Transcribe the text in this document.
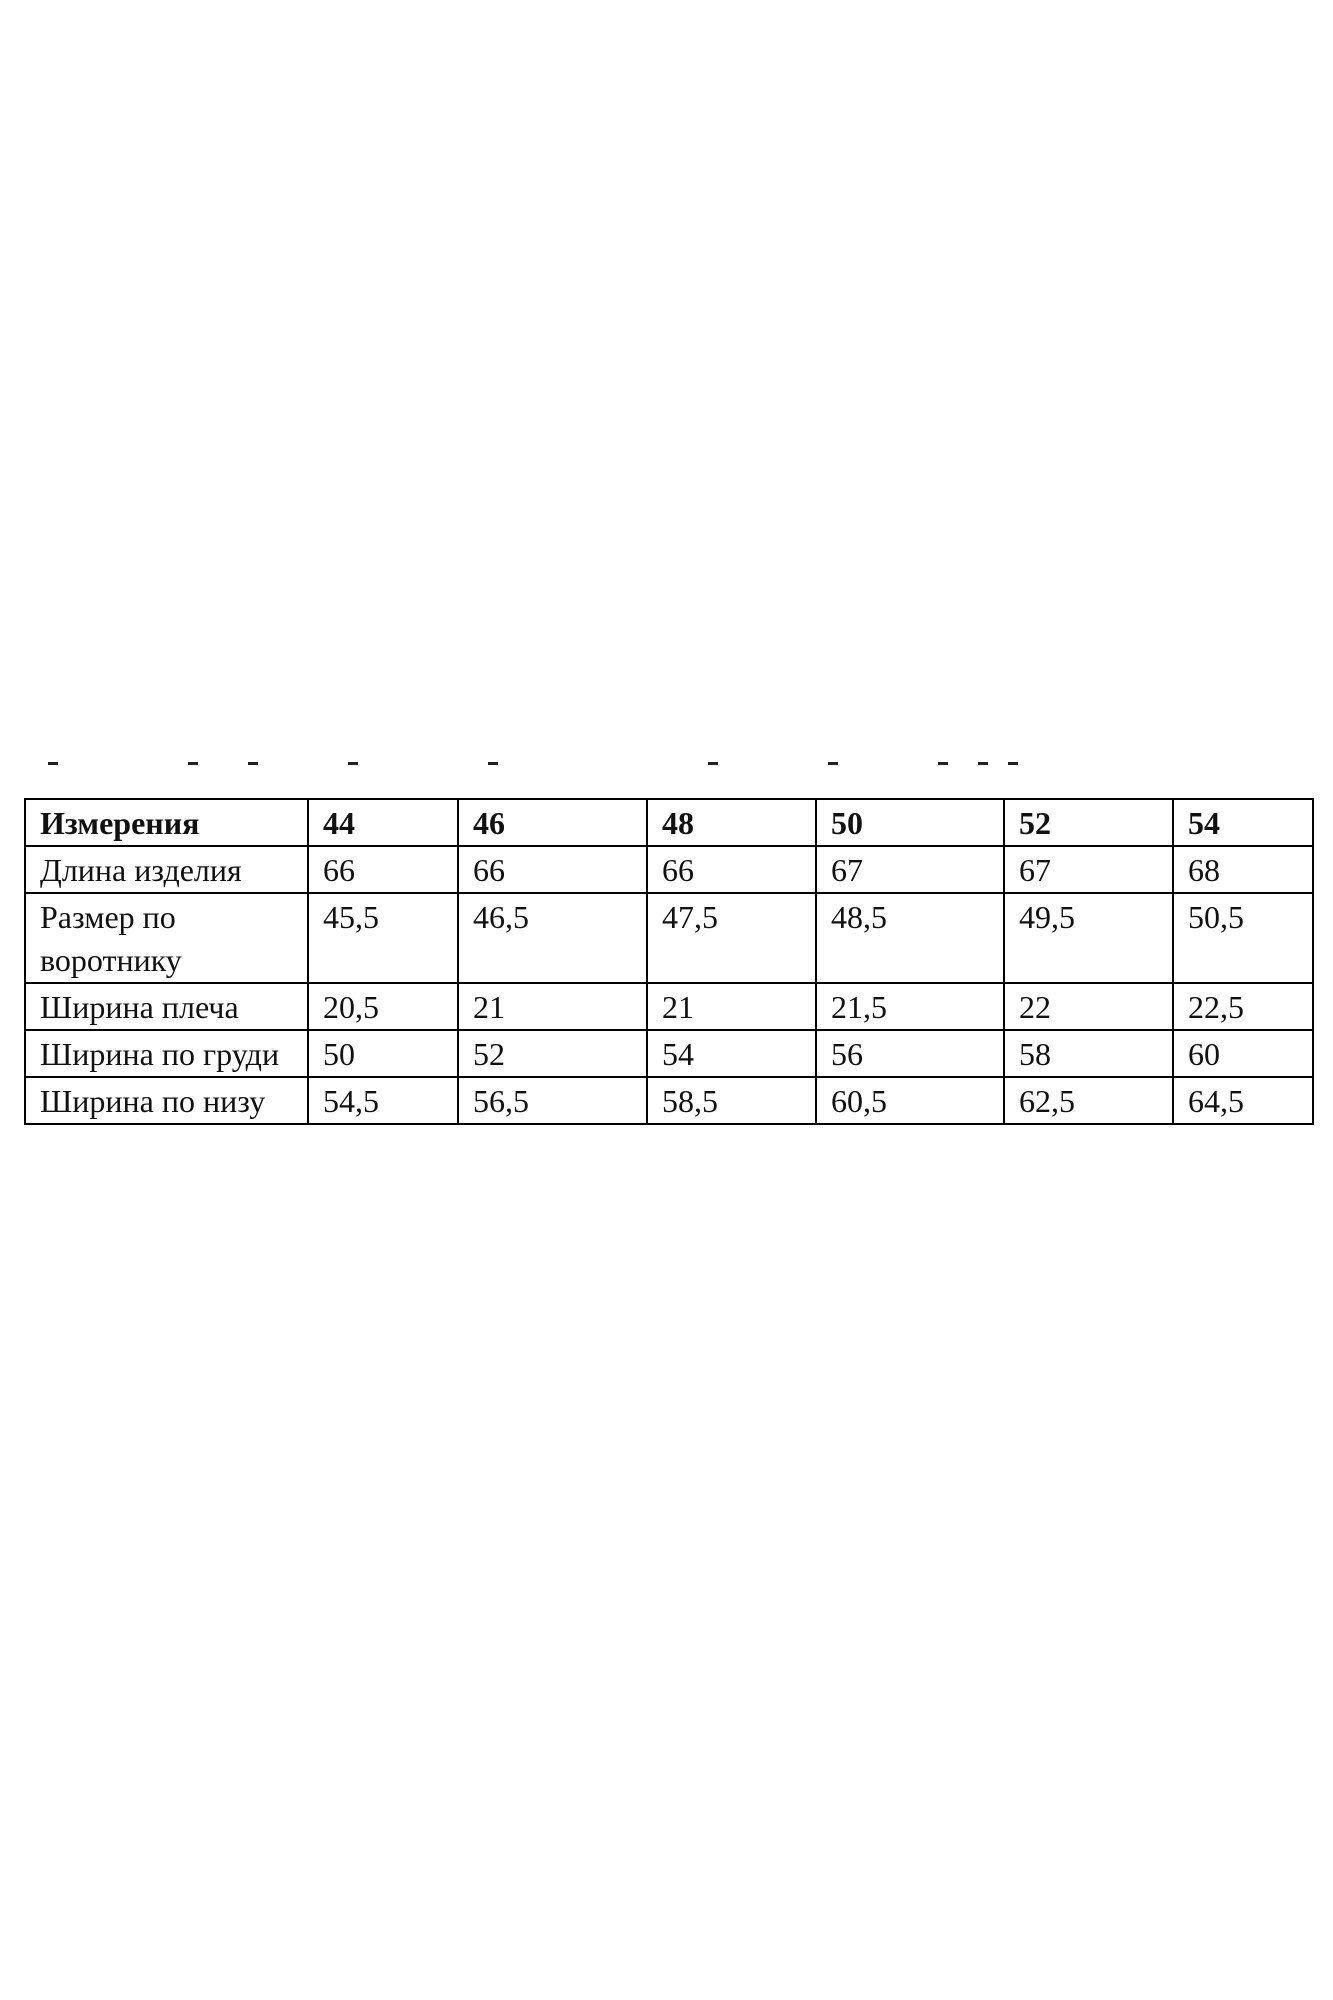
Измерения	44	46	48	50	52	54
Длина изделия	66	66	66	67	67	68
Размер по воротнику	45,5	46,5	47,5	48,5	49,5	50,5
Ширина плеча	20,5	21	21	21,5	22	22,5
Ширина по груди	50	52	54	56	58	60
Ширина по низу	54,5	56,5	58,5	60,5	62,5	64,5
